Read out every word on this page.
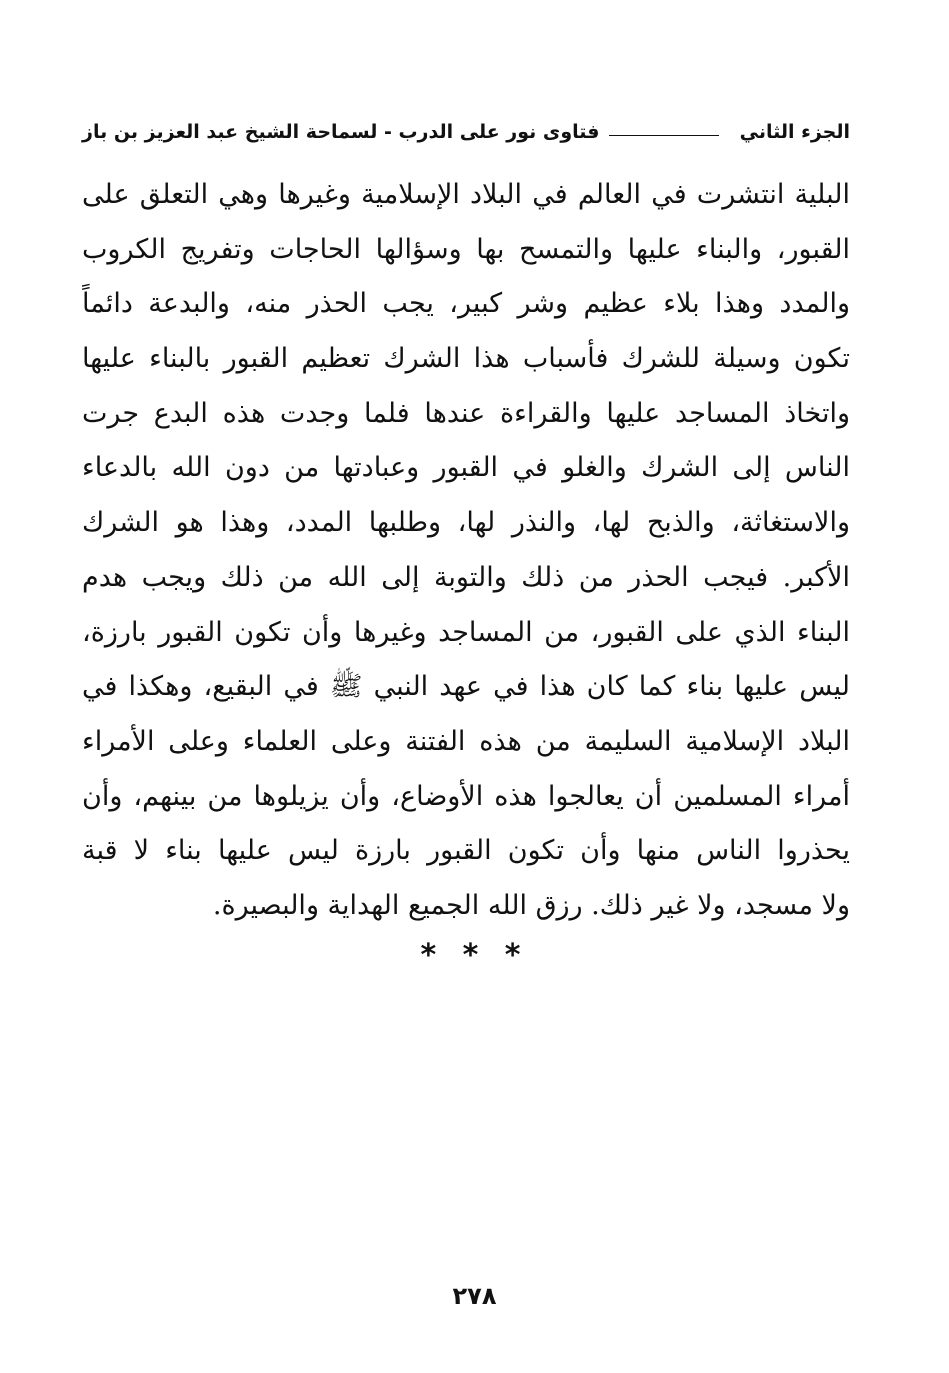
الجزء الثاني
فتاوى نور على الدرب - لسماحة الشيخ عبد العزيز بن باز
البلية انتشرت في العالم في البلاد الإسلامية وغيرها وهي التعلق على
القبور، والبناء عليها والتمسح بها وسؤالها الحاجات وتفريج الكروب
والمدد وهذا بلاء عظيم وشر كبير، يجب الحذر منه، والبدعة دائماً
تكون وسيلة للشرك فأسباب هذا الشرك تعظيم القبور بالبناء عليها
واتخاذ المساجد عليها والقراءة عندها فلما وجدت هذه البدع جرت
الناس إلى الشرك والغلو في القبور وعبادتها من دون الله بالدعاء
والاستغاثة، والذبح لها، والنذر لها، وطلبها المدد، وهذا هو الشرك
الأكبر. فيجب الحذر من ذلك والتوبة إلى الله من ذلك ويجب هدم
البناء الذي على القبور، من المساجد وغيرها وأن تكون القبور بارزة،
ليس عليها بناء كما كان هذا في عهد النبي ﷺ في البقيع، وهكذا في
البلاد الإسلامية السليمة من هذه الفتنة وعلى العلماء وعلى الأمراء
أمراء المسلمين أن يعالجوا هذه الأوضاع، وأن يزيلوها من بينهم، وأن
يحذروا الناس منها وأن تكون القبور بارزة ليس عليها بناء لا قبة
ولا مسجد، ولا غير ذلك. رزق الله الجميع الهداية والبصيرة.
* * *
٢٧٨
